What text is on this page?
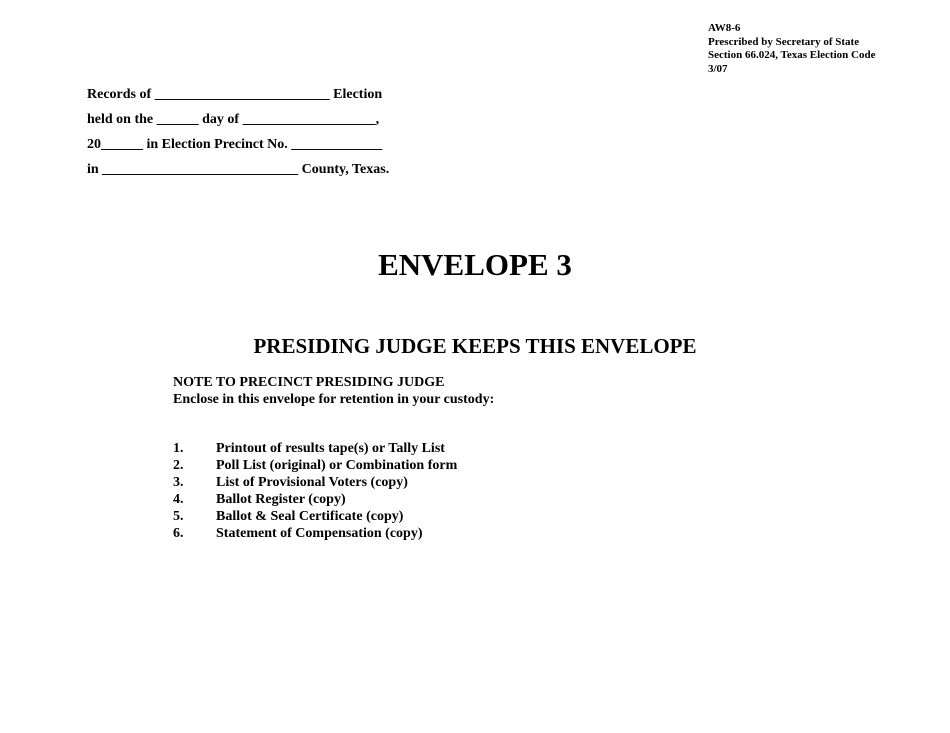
AW8-6
Prescribed by Secretary of State
Section 66.024, Texas Election Code
3/07
Records of _________________________ Election
held on the ______ day of ___________________,
20______ in Election Precinct No. _____________
in ____________________________ County, Texas.
ENVELOPE 3
PRESIDING JUDGE KEEPS THIS ENVELOPE
NOTE TO PRECINCT PRESIDING JUDGE
Enclose in this envelope for retention in your custody:
1.	Printout of results tape(s) or Tally List
2.	Poll List (original) or Combination form
3.	List of Provisional Voters (copy)
4.	Ballot Register (copy)
5.	Ballot & Seal Certificate (copy)
6.	Statement of Compensation (copy)
